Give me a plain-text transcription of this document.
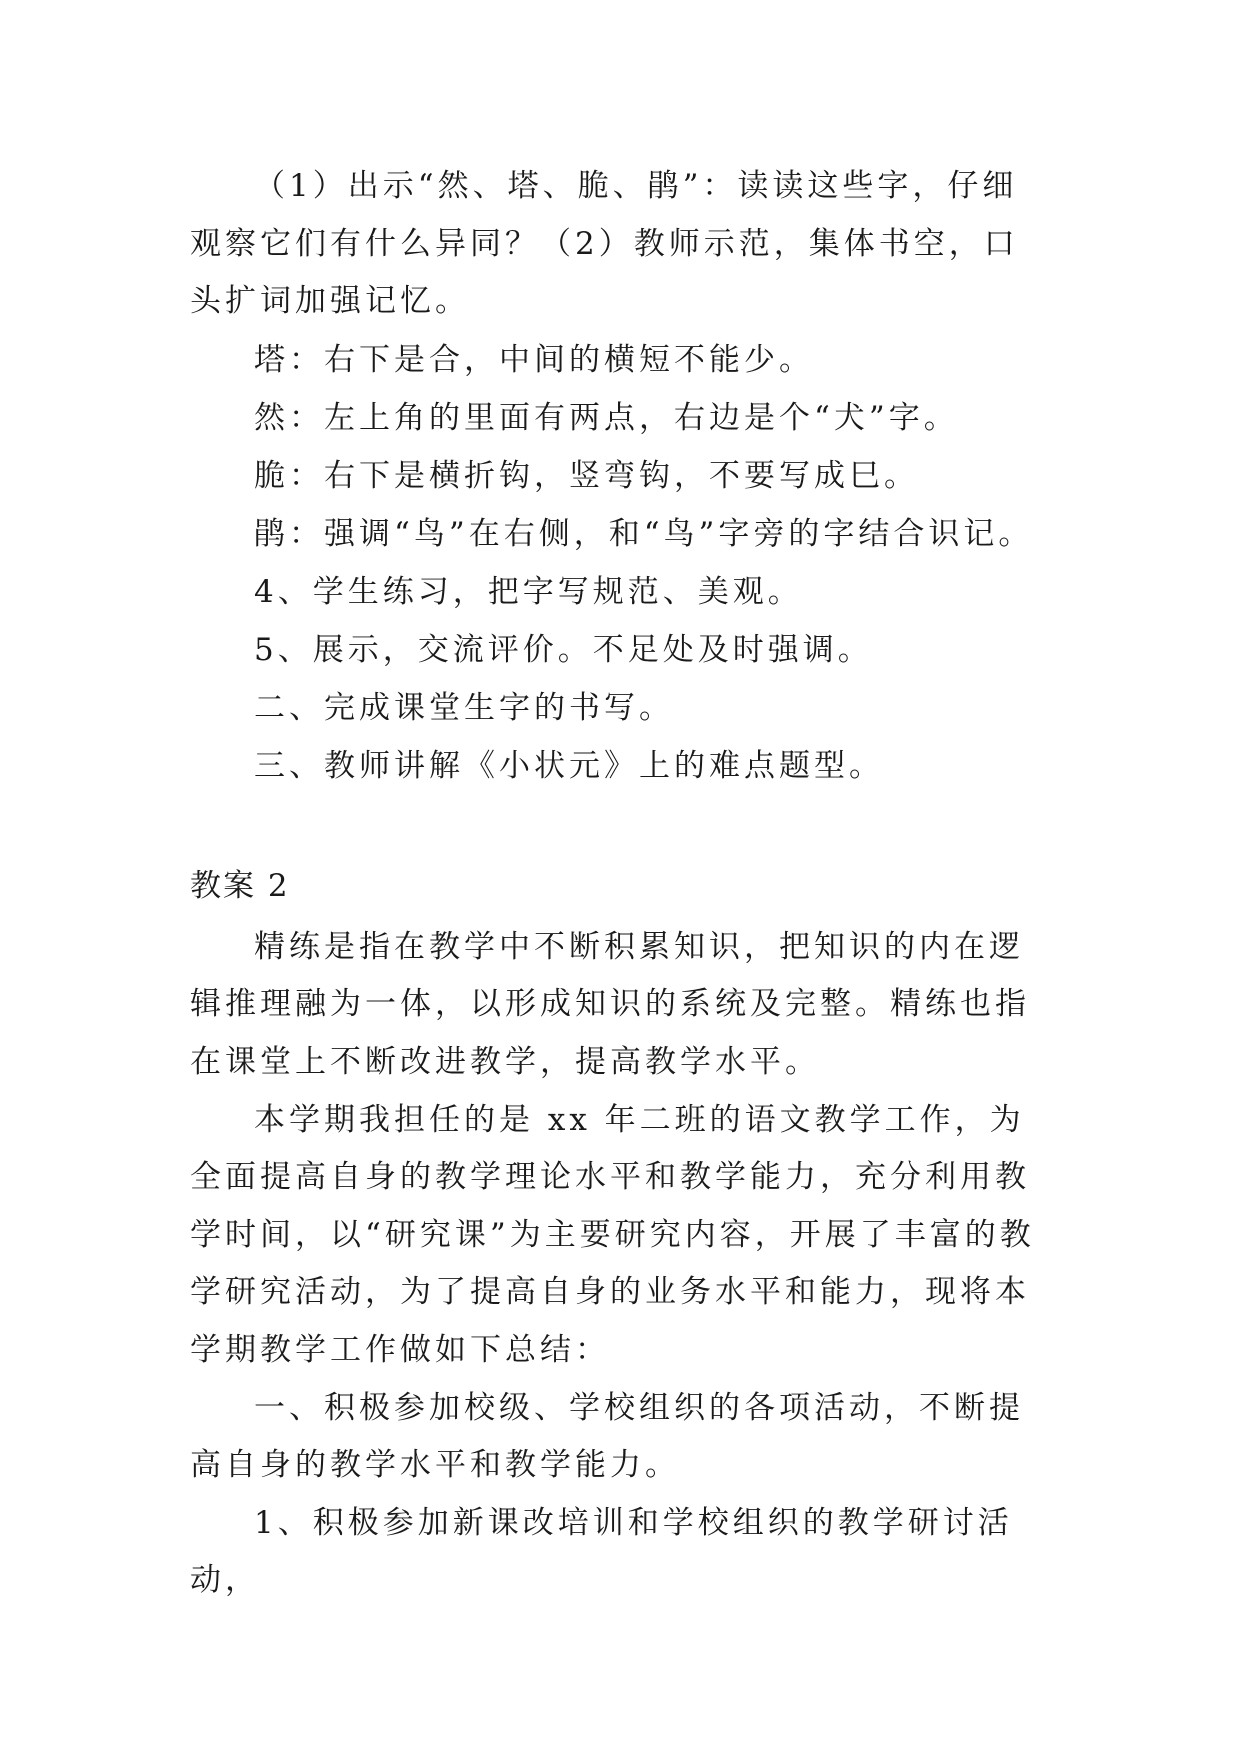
（1）出示“然、塔、脆、鹃”：读读这些字，仔细观察它们有什么异同？（2）教师示范，集体书空，口头扩词加强记忆。

塔：右下是合，中间的横短不能少。

然：左上角的里面有两点，右边是个“犬”字。

脆：右下是横折钩，竖弯钩，不要写成巳。

鹃：强调“鸟”在右侧，和“鸟”字旁的字结合识记。

4、学生练习，把字写规范、美观。

5、展示，交流评价。不足处及时强调。

二、完成课堂生字的书写。

三、教师讲解《小状元》上的难点题型。

教案 2

精练是指在教学中不断积累知识，把知识的内在逻辑推理融为一体，以形成知识的系统及完整。精练也指在课堂上不断改进教学，提高教学水平。

本学期我担任的是 xx 年二班的语文教学工作，为全面提高自身的教学理论水平和教学能力，充分利用教学时间，以“研究课”为主要研究内容，开展了丰富的教学研究活动，为了提高自身的业务水平和能力，现将本学期教学工作做如下总结：

一、积极参加校级、学校组织的各项活动，不断提高自身的教学水平和教学能力。

1、积极参加新课改培训和学校组织的教学研讨活动，
